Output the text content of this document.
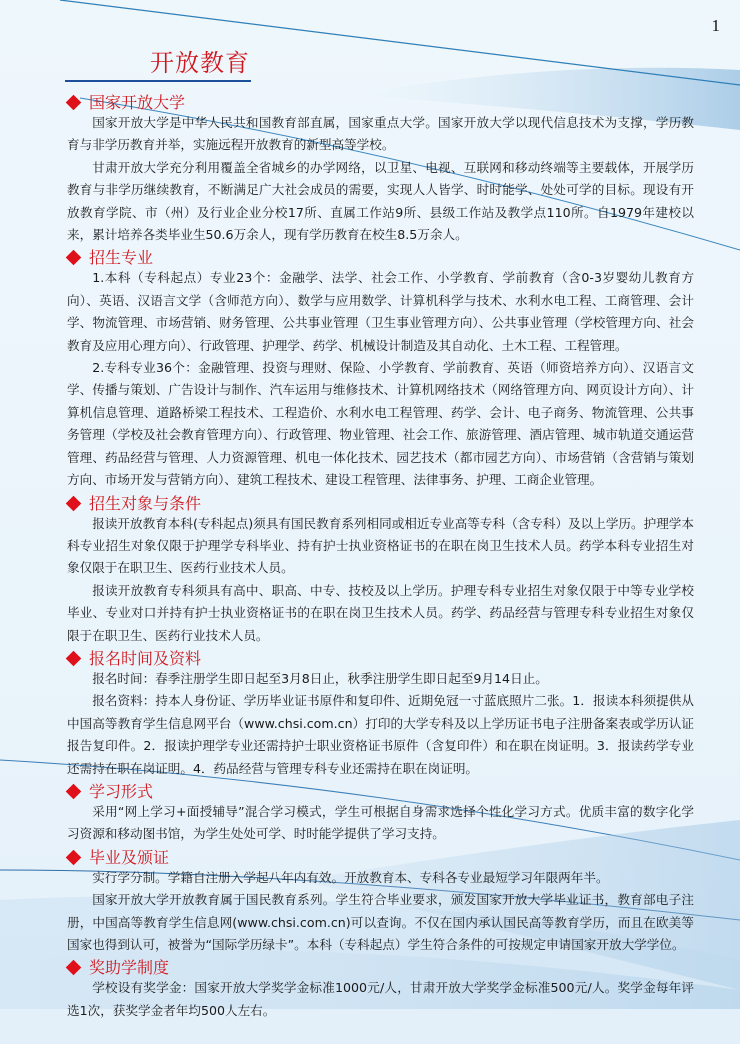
1
开放教育
国家开放大学

国家开放大学是中华人民共和国教育部直属，国家重点大学。国家开放大学以现代信息技术为支撑，学历教育与非学历教育并举，实施远程开放教育的新型高等学校。

甘肃开放大学充分利用覆盖全省城乡的办学网络，以卫星、电视、互联网和移动终端等主要载体，开展学历教育与非学历继续教育，不断满足广大社会成员的需要，实现人人皆学、时时能学、处处可学的目标。现设有开放教育学院、市（州）及行业企业分校17所、直属工作站9所、县级工作站及教学点110所。自1979年建校以来，累计培养各类毕业生50.6万余人，现有学历教育在校生8.5万余人。

招生专业

1.本科（专科起点）专业23个：金融学、法学、社会工作、小学教育、学前教育（含0-3岁婴幼儿教育方向）、英语、汉语言文学（含师范方向）、数学与应用数学、计算机科学与技术、水利水电工程、工商管理、会计学、物流管理、市场营销、财务管理、公共事业管理（卫生事业管理方向）、公共事业管理（学校管理方向、社会教育及应用心理方向）、行政管理、护理学、药学、机械设计制造及其自动化、土木工程、工程管理。

2.专科专业36个：金融管理、投资与理财、保险、小学教育、学前教育、英语（师资培养方向）、汉语言文学、传播与策划、广告设计与制作、汽车运用与维修技术、计算机网络技术（网络管理方向、网页设计方向）、计算机信息管理、道路桥梁工程技术、工程造价、水利水电工程管理、药学、会计、电子商务、物流管理、公共事务管理（学校及社会教育管理方向）、行政管理、物业管理、社会工作、旅游管理、酒店管理、城市轨道交通运营管理、药品经营与管理、人力资源管理、机电一体化技术、园艺技术（都市园艺方向）、市场营销（含营销与策划方向、市场开发与营销方向）、建筑工程技术、建设工程管理、法律事务、护理、工商企业管理。

招生对象与条件

报读开放教育本科(专科起点)须具有国民教育系列相同或相近专业高等专科（含专科）及以上学历。护理学本科专业招生对象仅限于护理学专科毕业、持有护士执业资格证书的在职在岗卫生技术人员。药学本科专业招生对象仅限于在职卫生、医药行业技术人员。

报读开放教育专科须具有高中、职高、中专、技校及以上学历。护理专科专业招生对象仅限于中等专业学校毕业、专业对口并持有护士执业资格证书的在职在岗卫生技术人员。药学、药品经营与管理专科专业招生对象仅限于在职卫生、医药行业技术人员。

报名时间及资料

报名时间：春季注册学生即日起至3月8日止，秋季注册学生即日起至9月14日止。

报名资料：持本人身份证、学历毕业证书原件和复印件、近期免冠一寸蓝底照片二张。1．报读本科须提供从中国高等教育学生信息网平台（www.chsi.com.cn）打印的大学专科及以上学历证书电子注册备案表或学历认证报告复印件。2．报读护理学专业还需持护士职业资格证书原件（含复印件）和在职在岗证明。3．报读药学专业还需持在职在岗证明。4．药品经营与管理专科专业还需持在职在岗证明。

学习形式

采用“网上学习+面授辅导”混合学习模式，学生可根据自身需求选择个性化学习方式。优质丰富的数字化学习资源和移动图书馆，为学生处处可学、时时能学提供了学习支持。

毕业及颁证

实行学分制。学籍自注册入学起八年内有效。开放教育本、专科各专业最短学习年限两年半。

国家开放大学开放教育属于国民教育系列。学生符合毕业要求，颁发国家开放大学毕业证书，教育部电子注册，中国高等教育学生信息网(www.chsi.com.cn)可以查询。不仅在国内承认国民高等教育学历，而且在欧美等国家也得到认可，被誉为“国际学历绿卡”。本科（专科起点）学生符合条件的可按规定申请国家开放大学学位。

奖助学制度

学校设有奖学金：国家开放大学奖学金标准1000元/人，甘肃开放大学奖学金标准500元/人。奖学金每年评选1次，获奖学金者年均500人左右。
